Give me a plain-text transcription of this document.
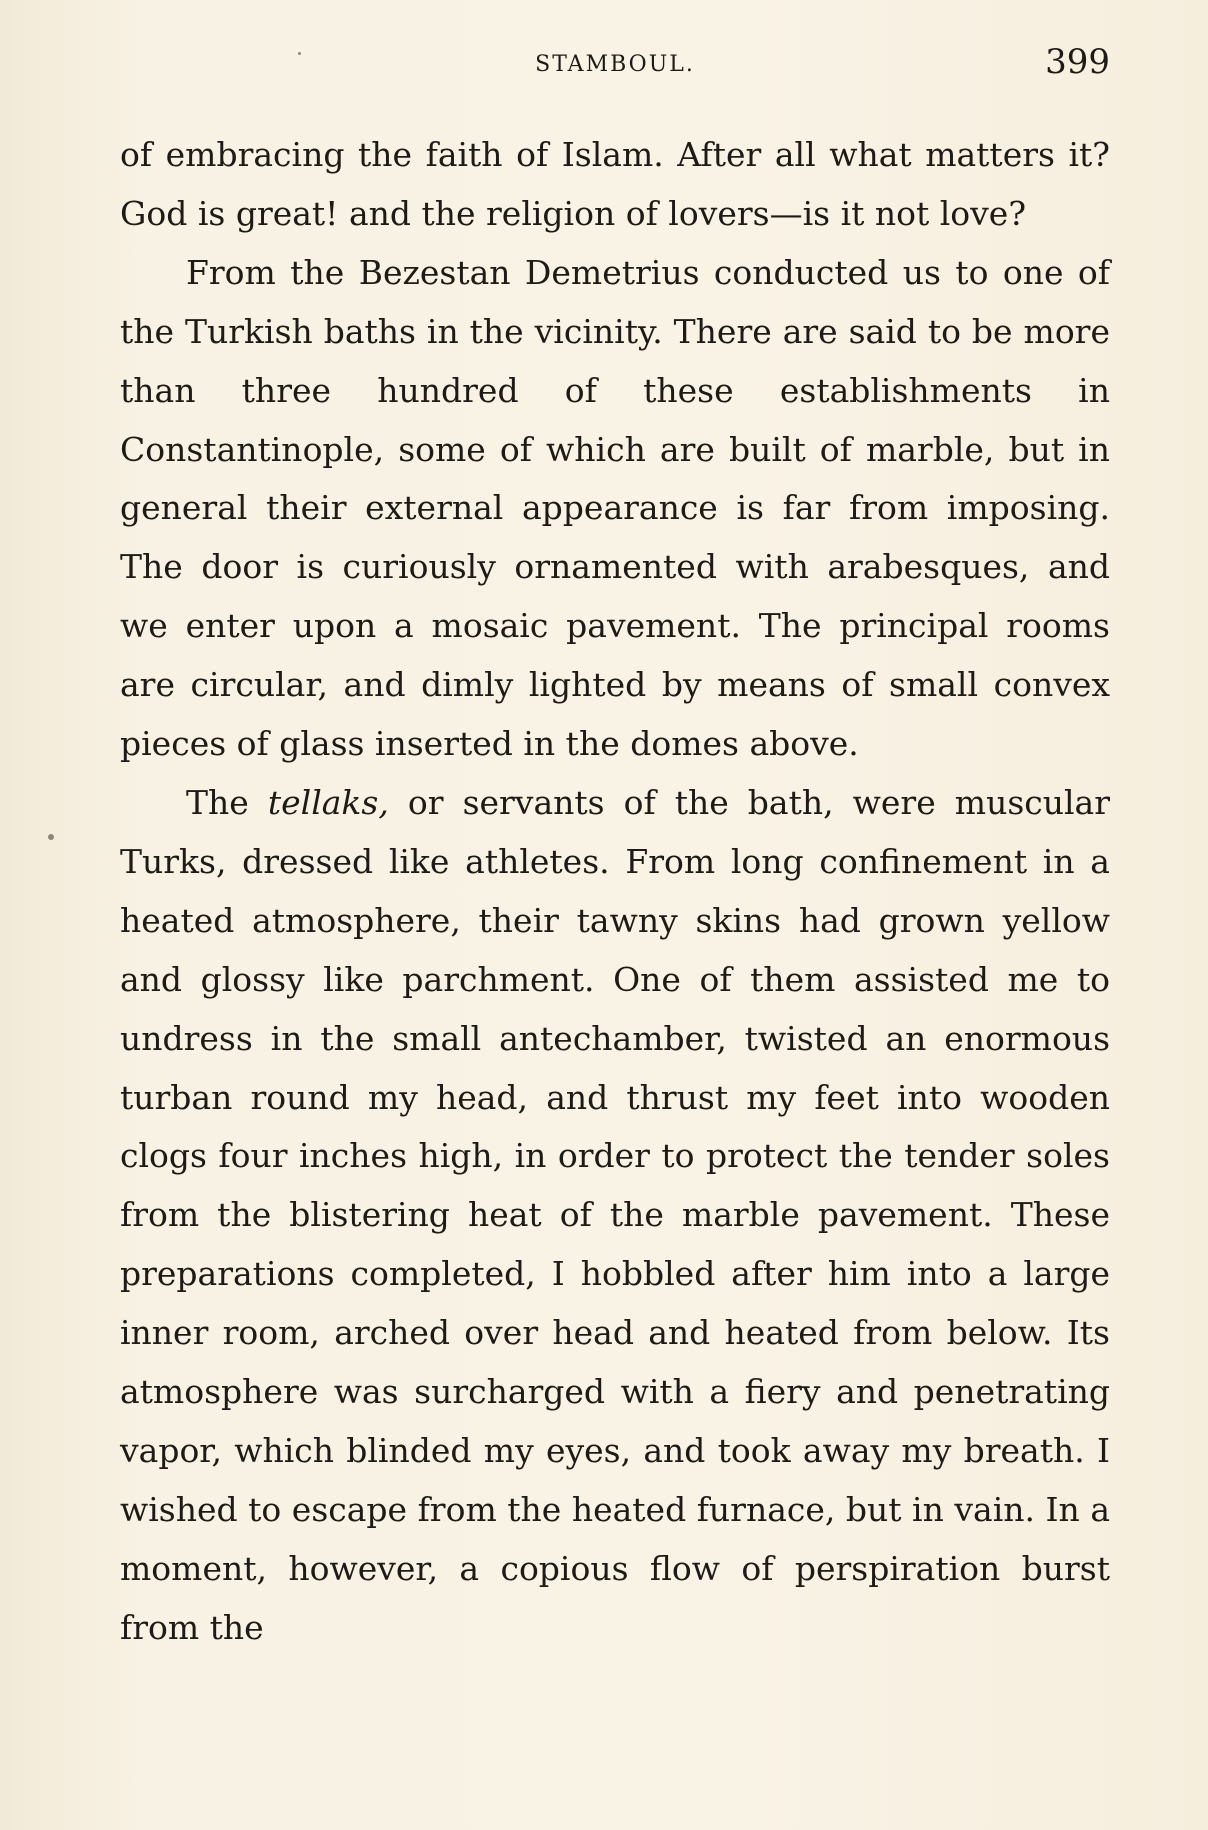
STAMBOUL.	399

of embracing the faith of Islam. After all what matters it? God is great! and the religion of lovers—is it not love?

From the Bezestan Demetrius conducted us to one of the Turkish baths in the vicinity. There are said to be more than three hundred of these establishments in Constantinople, some of which are built of marble, but in general their external appearance is far from imposing. The door is curiously ornamented with arabesques, and we enter upon a mosaic pavement. The principal rooms are circular, and dimly lighted by means of small convex pieces of glass inserted in the domes above.

The tellaks, or servants of the bath, were muscular Turks, dressed like athletes. From long confinement in a heated atmosphere, their tawny skins had grown yellow and glossy like parchment. One of them assisted me to undress in the small antechamber, twisted an enormous turban round my head, and thrust my feet into wooden clogs four inches high, in order to protect the tender soles from the blistering heat of the marble pavement. These preparations completed, I hobbled after him into a large inner room, arched over head and heated from below. Its atmosphere was surcharged with a fiery and penetrating vapor, which blinded my eyes, and took away my breath. I wished to escape from the heated furnace, but in vain. In a moment, however, a copious flow of perspiration burst from the
